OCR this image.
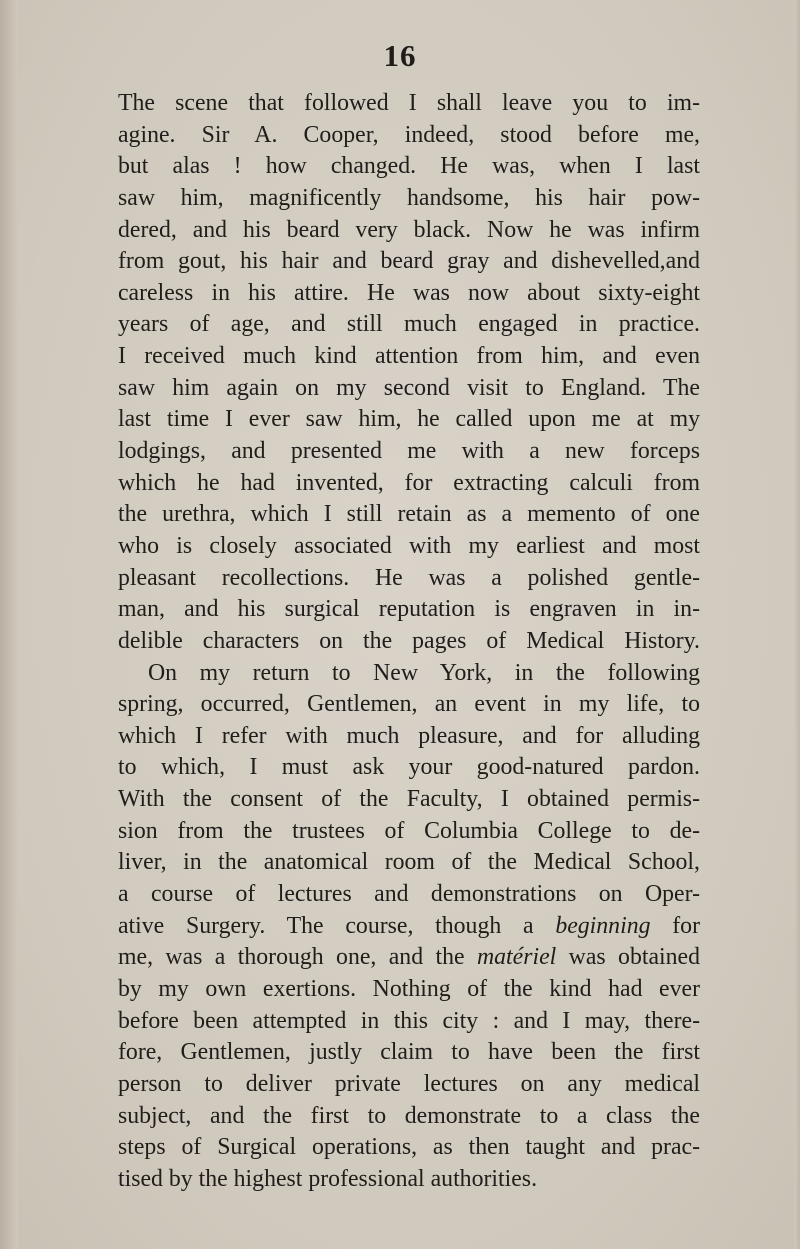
16
The scene that followed I shall leave you to im-
agine. Sir A. Cooper, indeed, stood before me,
but alas ! how changed. He was, when I last
saw him, magnificently handsome, his hair pow-
dered, and his beard very black. Now he was infirm
from gout, his hair and beard gray and dishevelled,and
careless in his attire. He was now about sixty-eight
years of age, and still much engaged in practice.
I received much kind attention from him, and even
saw him again on my second visit to England. The
last time I ever saw him, he called upon me at my
lodgings, and presented me with a new forceps
which he had invented, for extracting calculi from
the urethra, which I still retain as a memento of one
who is closely associated with my earliest and most
pleasant recollections. He was a polished gentle-
man, and his surgical reputation is engraven in in-
delible characters on the pages of Medical History.
On my return to New York, in the following
spring, occurred, Gentlemen, an event in my life, to
which I refer with much pleasure, and for alluding
to which, I must ask your good-natured pardon.
With the consent of the Faculty, I obtained permis-
sion from the trustees of Columbia College to de-
liver, in the anatomical room of the Medical School,
a course of lectures and demonstrations on Oper-
ative Surgery. The course, though a beginning for
me, was a thorough one, and the matériel was obtained
by my own exertions. Nothing of the kind had ever
before been attempted in this city : and I may, there-
fore, Gentlemen, justly claim to have been the first
person to deliver private lectures on any medical
subject, and the first to demonstrate to a class the
steps of Surgical operations, as then taught and prac-
tised by the highest professional authorities.
